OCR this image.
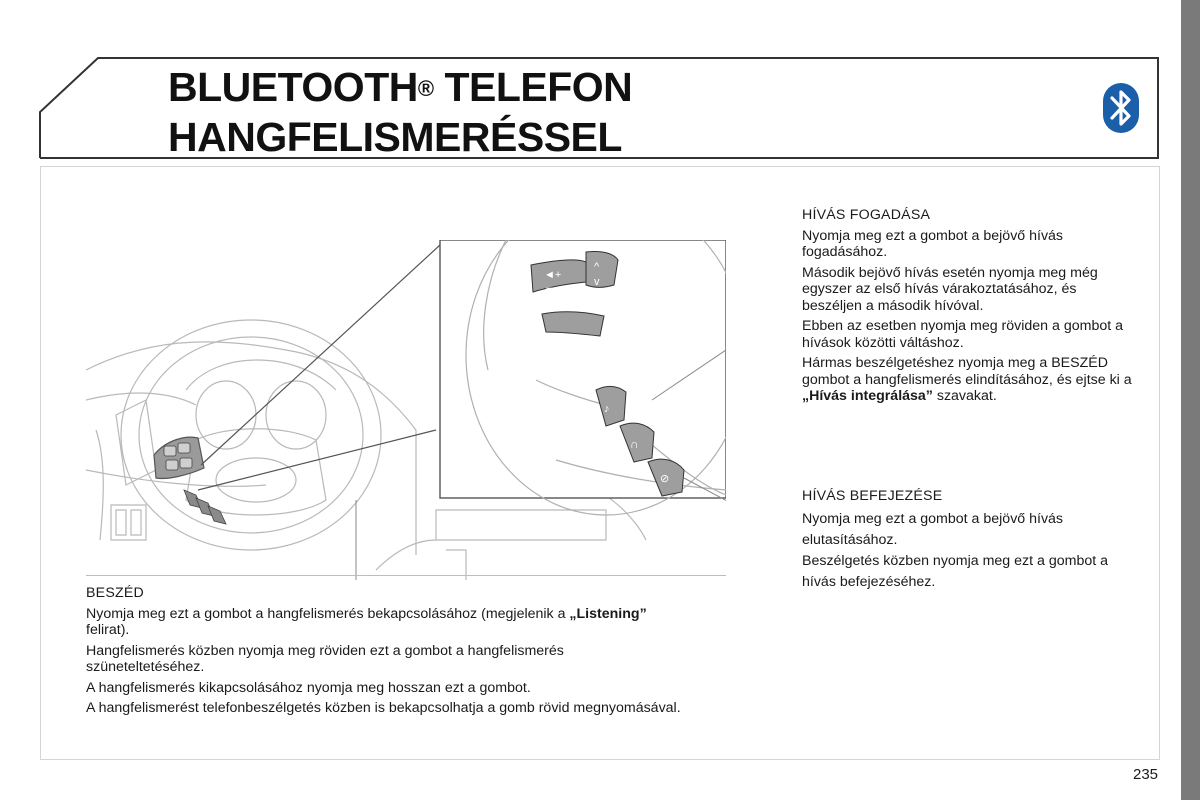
BLUETOOTH® TELEFON
HANGFELISMERÉSSEL
◄+
–
^
v
♪
∩
⊘
HÍVÁS FOGADÁSA

Nyomja meg ezt a gombot a bejövő hívás fogadásához.

Második bejövő hívás esetén nyomja meg még egyszer az első hívás várakoztatásához, és beszéljen a második hívóval.

Ebben az esetben nyomja meg röviden a gombot a hívások közötti váltáshoz.

Hármas beszélgetéshez nyomja meg a BESZÉD gombot a hangfelismerés elindításához, és ejtse ki a „Hívás integrálása” szavakat.

HÍVÁS BEFEJEZÉSE

Nyomja meg ezt a gombot a bejövő hívás elutasításához.

Beszélgetés közben nyomja meg ezt a gombot a hívás befejezéséhez.

BESZÉD

Nyomja meg ezt a gombot a hangfelismerés bekapcsolásához (megjelenik a „Listening” felirat).

Hangfelismerés közben nyomja meg röviden ezt a gombot a hangfelismerés szüneteltetéséhez.

A hangfelismerés kikapcsolásához nyomja meg hosszan ezt a gombot.

A hangfelismerést telefonbeszélgetés közben is bekapcsolhatja a gomb rövid megnyomásával.

235
